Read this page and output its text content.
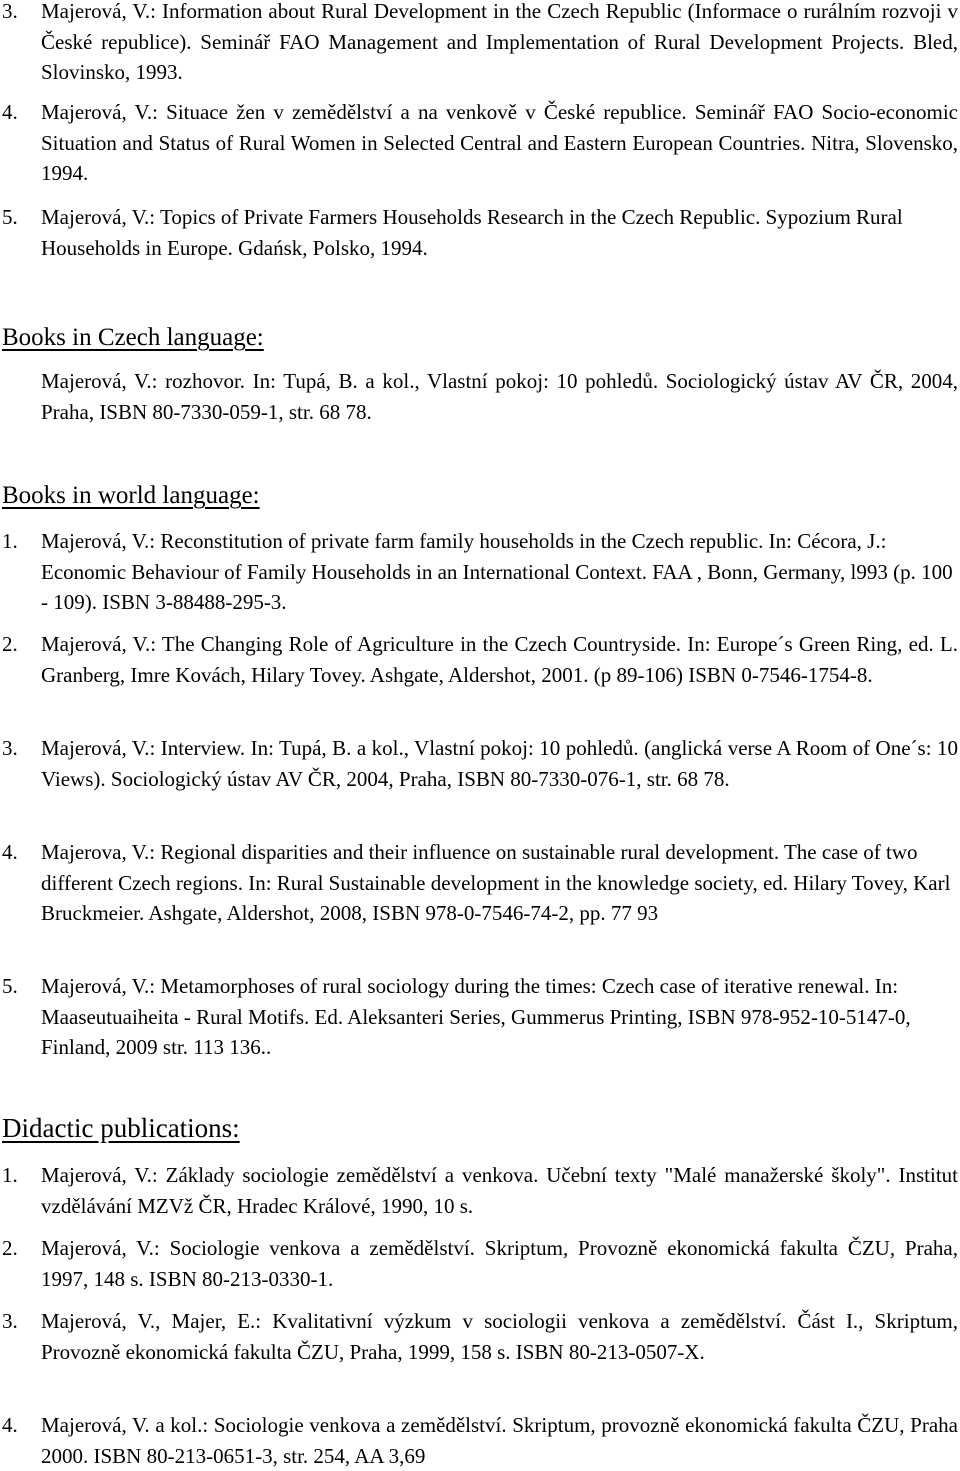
3.	Majerová, V.: Information about Rural Development in the Czech Republic (Informace o rurálním rozvoji v České republice). Seminář FAO Management and Implementation of Rural Development Projects. Bled, Slovinsko, 1993.
4.	Majerová, V.: Situace žen v zemědělství a na venkově v České republice. Seminář FAO Socio-economic Situation and Status of Rural Women in Selected Central and Eastern European Countries. Nitra, Slovensko, 1994.
5.	Majerová, V.: Topics of Private Farmers Households Research in the Czech Republic. Sypozium Rural Households in Europe. Gdańsk, Polsko, 1994.
Books in Czech language:
Majerová, V.: rozhovor. In: Tupá, B. a kol., Vlastní pokoj: 10 pohledů. Sociologický ústav AV ČR, 2004, Praha, ISBN 80-7330-059-1, str. 68 78.
Books in world language:
1.	Majerová, V.: Reconstitution of private farm family households in the Czech republic. In: Cécora, J.: Economic Behaviour of Family Households in an International Context. FAA , Bonn, Germany, l993 (p. 100 - 109). ISBN 3-88488-295-3.
2.	Majerová, V.: The Changing Role of Agriculture in the Czech Countryside. In: Europe´s Green Ring, ed. L. Granberg, Imre Kovách, Hilary Tovey. Ashgate, Aldershot, 2001. (p 89-106) ISBN 0-7546-1754-8.
3.	Majerová, V.: Interview. In: Tupá, B. a kol., Vlastní pokoj: 10 pohledů. (anglická verse A Room of One´s: 10 Views). Sociologický ústav AV ČR, 2004, Praha, ISBN 80-7330-076-1, str. 68 78.
4.	Majerova, V.: Regional disparities and their influence on sustainable rural development. The case of two different Czech regions. In: Rural Sustainable development in the knowledge society, ed. Hilary Tovey, Karl Bruckmeier. Ashgate, Aldershot, 2008, ISBN 978-0-7546-74-2, pp. 77 93
5.	Majerová, V.: Metamorphoses of rural sociology during the times: Czech case of iterative renewal. In: Maaseutuaiheita - Rural Motifs. Ed. Aleksanteri Series, Gummerus Printing, ISBN 978-952-10-5147-0, Finland, 2009 str. 113 136..
Didactic publications:
1.	Majerová, V.: Základy sociologie zemědělství a venkova. Učební texty "Malé manažerské školy". Institut vzdělávání MZVž ČR, Hradec Králové, 1990, 10 s.
2.	Majerová, V.: Sociologie venkova a zemědělství. Skriptum, Provozně ekonomická fakulta ČZU, Praha, 1997, 148 s. ISBN 80-213-0330-1.
3.	Majerová, V., Majer, E.: Kvalitativní výzkum v sociologii venkova a zemědělství. Část I., Skriptum, Provozně ekonomická fakulta ČZU, Praha, 1999, 158 s. ISBN 80-213-0507-X.
4.	Majerová, V. a kol.: Sociologie venkova a zemědělství. Skriptum, provozně ekonomická fakulta ČZU, Praha 2000. ISBN 80-213-0651-3, str. 254, AA 3,69
